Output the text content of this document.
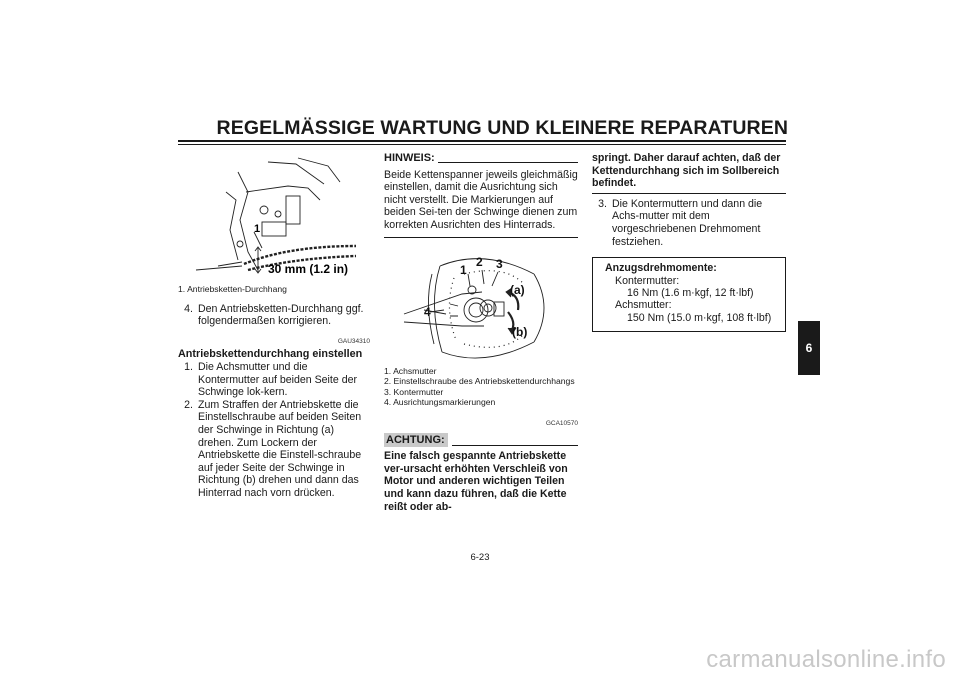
REGELMÄSSIGE WARTUNG UND KLEINERE REPARATUREN
6
1
30 mm (1.2 in)
1. Antriebsketten-Durchhang
4. Den Antriebsketten-Durchhang ggf. folgendermaßen korrigieren.
GAU34310
Antriebskettendurchhang einstellen
1. Die Achsmutter und die Kontermutter auf beiden Seite der Schwinge lok-kern.
2. Zum Straffen der Antriebskette die Einstellschraube auf beiden Seiten der Schwinge in Richtung (a) drehen. Zum Lockern der Antriebskette die Einstell-schraube auf jeder Seite der Schwinge in Richtung (b) drehen und dann das Hinterrad nach vorn drücken.
HINWEIS:
Beide Kettenspanner jeweils gleichmäßig einstellen, damit die Ausrichtung sich nicht verstellt. Die Markierungen auf beiden Sei-ten der Schwinge dienen zum korrekten Ausrichten des Hinterrads.
1
2 3
4
(a)
(b)
1. Achsmutter
2. Einstellschraube des Antriebskettendurchhangs
3. Kontermutter
4. Ausrichtungsmarkierungen
GCA10570
ACHTUNG:
Eine falsch gespannte Antriebskette ver-ursacht erhöhten Verschleiß von Motor und anderen wichtigen Teilen und kann dazu führen, daß die Kette reißt oder ab-
springt. Daher darauf achten, daß der Kettendurchhang sich im Sollbereich befindet.
3. Die Kontermuttern und dann die Achs-mutter mit dem vorgeschriebenen Drehmoment festziehen.
Anzugsdrehmomente:
Kontermutter:
16 Nm (1.6 m·kgf, 12 ft·lbf)
Achsmutter:
150 Nm (15.0 m·kgf, 108 ft·lbf)
6-23
carmanualsonline.info
